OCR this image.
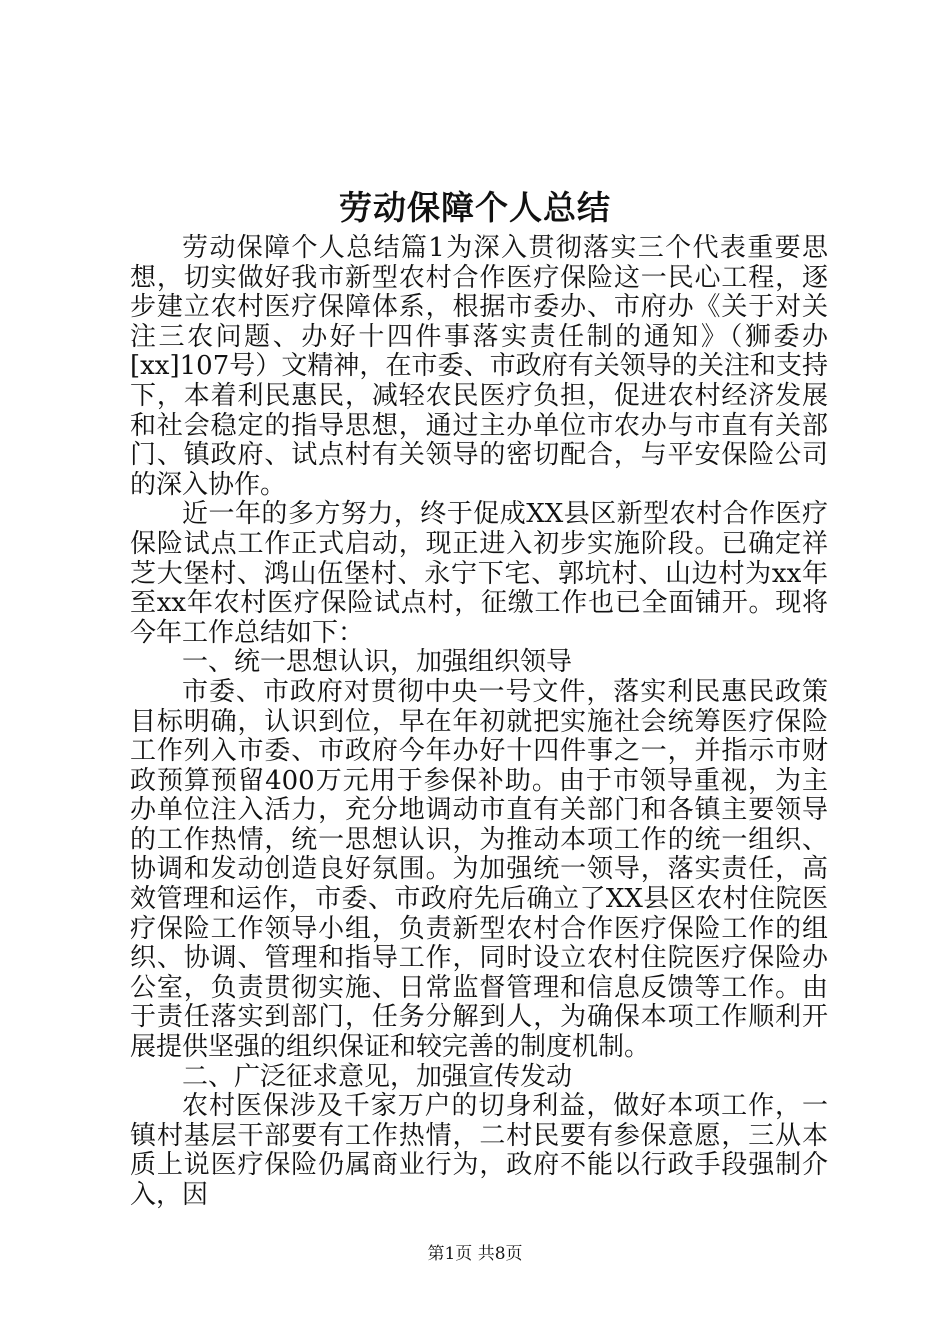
劳动保障个人总结

劳动保障个人总结篇1为深入贯彻落实三个代表重要思想，切实做好我市新型农村合作医疗保险这一民心工程，逐步建立农村医疗保障体系，根据市委办、市府办《关于对关注三农问题、办好十四件事落实责任制的通知》（狮委办[xx]107号）文精神，在市委、市政府有关领导的关注和支持下，本着利民惠民，减轻农民医疗负担，促进农村经济发展和社会稳定的指导思想，通过主办单位市农办与市直有关部门、镇政府、试点村有关领导的密切配合，与平安保险公司的深入协作。

近一年的多方努力，终于促成XX县区新型农村合作医疗保险试点工作正式启动，现正进入初步实施阶段。已确定祥芝大堡村、鸿山伍堡村、永宁下宅、郭坑村、山边村为xx年至xx年农村医疗保险试点村，征缴工作也已全面铺开。现将今年工作总结如下：

一、统一思想认识，加强组织领导

市委、市政府对贯彻中央一号文件，落实利民惠民政策目标明确，认识到位，早在年初就把实施社会统筹医疗保险工作列入市委、市政府今年办好十四件事之一，并指示市财政预算预留400万元用于参保补助。由于市领导重视，为主办单位注入活力，充分地调动市直有关部门和各镇主要领导的工作热情，统一思想认识，为推动本项工作的统一组织、协调和发动创造良好氛围。为加强统一领导，落实责任，高效管理和运作，市委、市政府先后确立了XX县区农村住院医疗保险工作领导小组，负责新型农村合作医疗保险工作的组织、协调、管理和指导工作，同时设立农村住院医疗保险办公室，负责贯彻实施、日常监督管理和信息反馈等工作。由于责任落实到部门，任务分解到人，为确保本项工作顺利开展提供坚强的组织保证和较完善的制度机制。

二、广泛征求意见，加强宣传发动

农村医保涉及千家万户的切身利益，做好本项工作，一镇村基层干部要有工作热情，二村民要有参保意愿，三从本质上说医疗保险仍属商业行为，政府不能以行政手段强制介入，因

第1页 共8页
